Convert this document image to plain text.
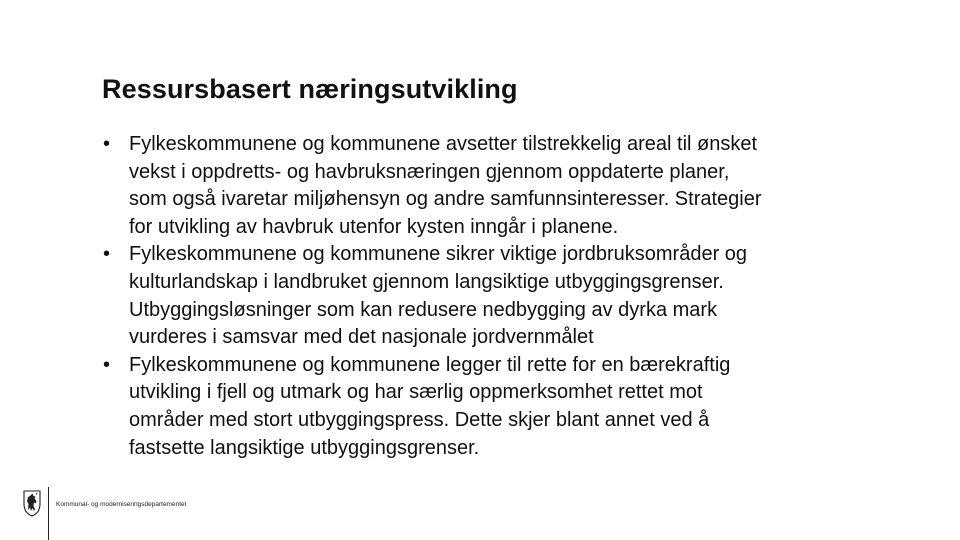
Ressursbasert næringsutvikling
• Fylkeskommunene og kommunene avsetter tilstrekkelig areal til ønsket
vekst i oppdretts- og havbruksnæringen gjennom oppdaterte planer,
som også ivaretar miljøhensyn og andre samfunnsinteresser. Strategier
for utvikling av havbruk utenfor kysten inngår i planene.
• Fylkeskommunene og kommunene sikrer viktige jordbruksområder og
kulturlandskap i landbruket gjennom langsiktige utbyggingsgrenser.
Utbyggingsløsninger som kan redusere nedbygging av dyrka mark
vurderes i samsvar med det nasjonale jordvernmålet
• Fylkeskommunene og kommunene legger til rette for en bærekraftig
utvikling i fjell og utmark og har særlig oppmerksomhet rettet mot
områder med stort utbyggingspress. Dette skjer blant annet ved å
fastsette langsiktige utbyggingsgrenser.
Kommunal- og moderniseringsdepartementet
